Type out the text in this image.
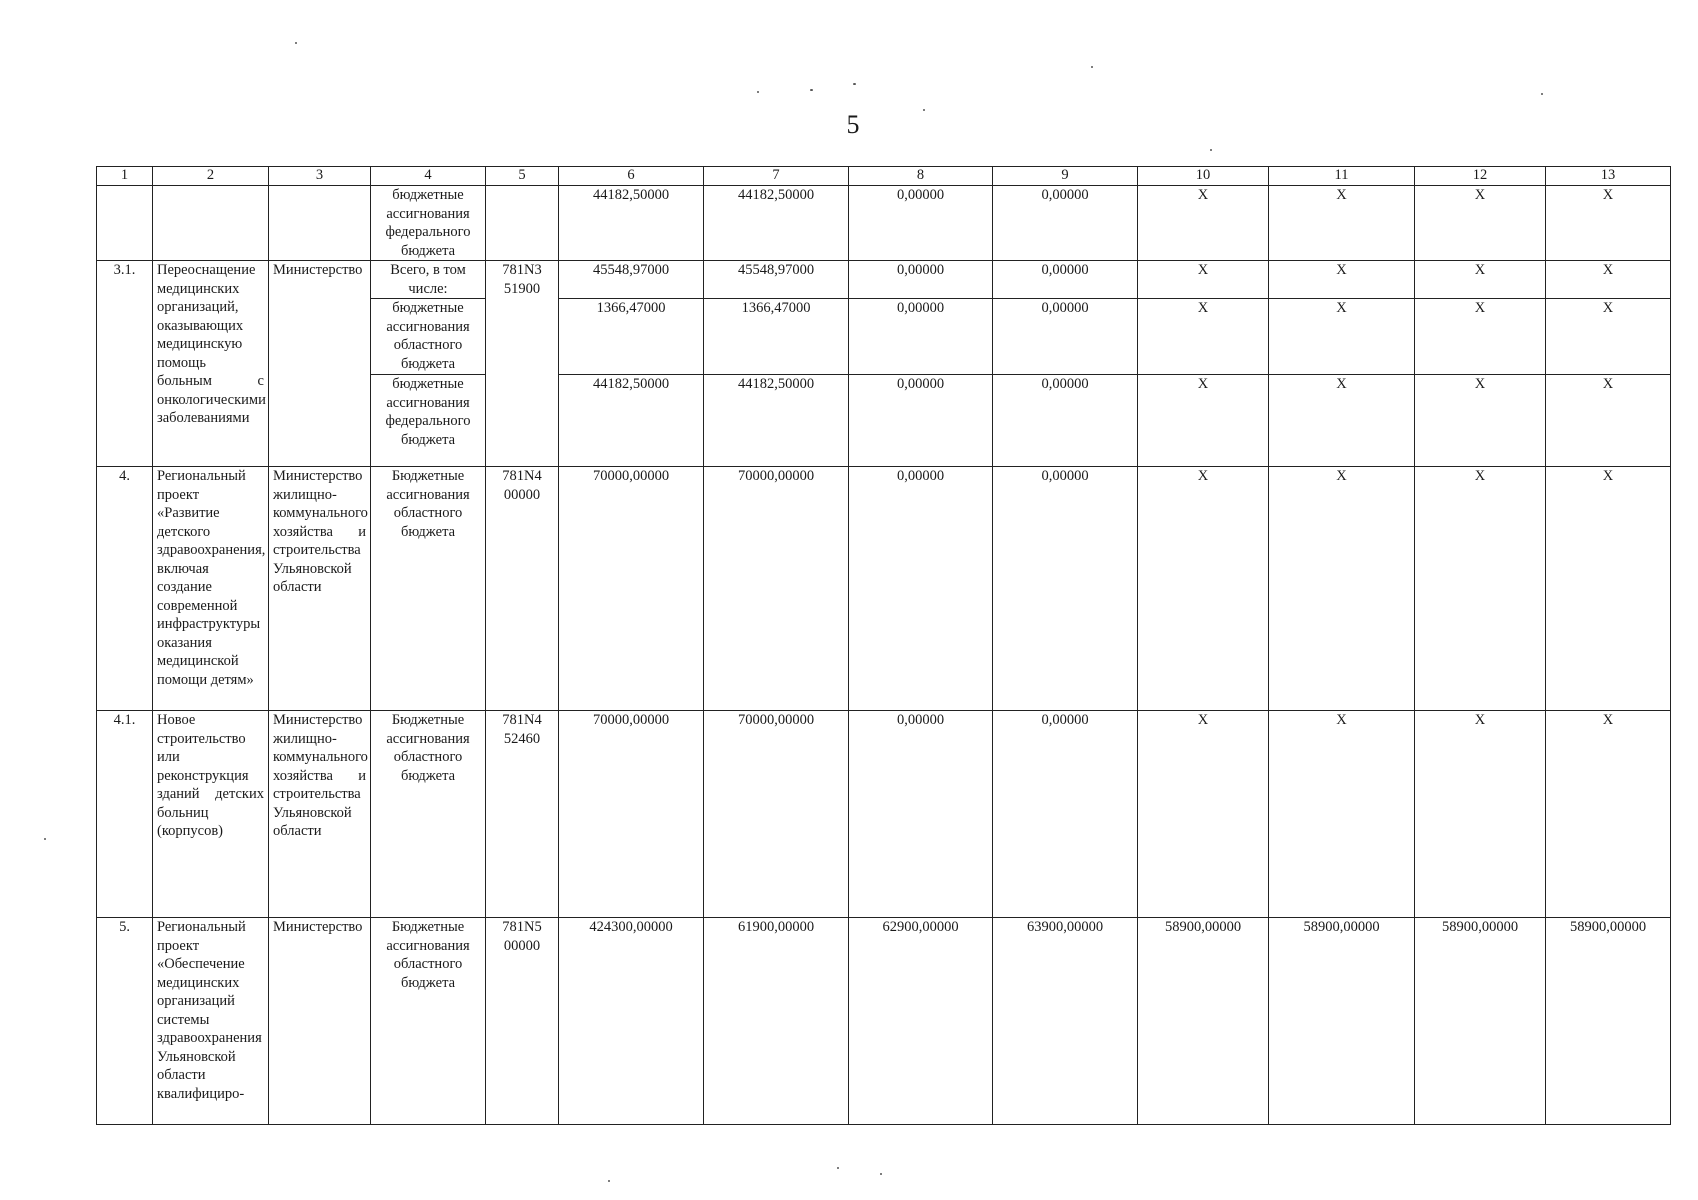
5
1	2	3	4	5	6	7	8	9	10	11	12	13
			бюджетные ассигнования федерального бюджета		44182,50000	44182,50000	0,00000	0,00000	X	X	X	X
3.1.	Переоснащение медицинских организаций, оказывающих медицинскую помощь больным с онкологическими заболеваниями	Министерство	Всего, в том числе:	781N3 51900	45548,97000	45548,97000	0,00000	0,00000	X	X	X	X
			бюджетные ассигнования областного бюджета		1366,47000	1366,47000	0,00000	0,00000	X	X	X	X
			бюджетные ассигнования федерального бюджета		44182,50000	44182,50000	0,00000	0,00000	X	X	X	X
4.	Региональный проект «Развитие детского здравоохранения, включая создание современной инфраструктуры оказания медицинской помощи детям»	Министерство жилищно-коммунального хозяйства и строительства Ульяновской области	Бюджетные ассигнования областного бюджета	781N4 00000	70000,00000	70000,00000	0,00000	0,00000	X	X	X	X
4.1.	Новое строительство или реконструкция зданий детских больниц (корпусов)	Министерство жилищно-коммунального хозяйства и строительства Ульяновской области	Бюджетные ассигнования областного бюджета	781N4 52460	70000,00000	70000,00000	0,00000	0,00000	X	X	X	X
5.	Региональный проект «Обеспечение медицинских организаций системы здравоохранения Ульяновской области квалифициро-	Министерство	Бюджетные ассигнования областного бюджета	781N5 00000	424300,00000	61900,00000	62900,00000	63900,00000	58900,00000	58900,00000	58900,00000	58900,00000
